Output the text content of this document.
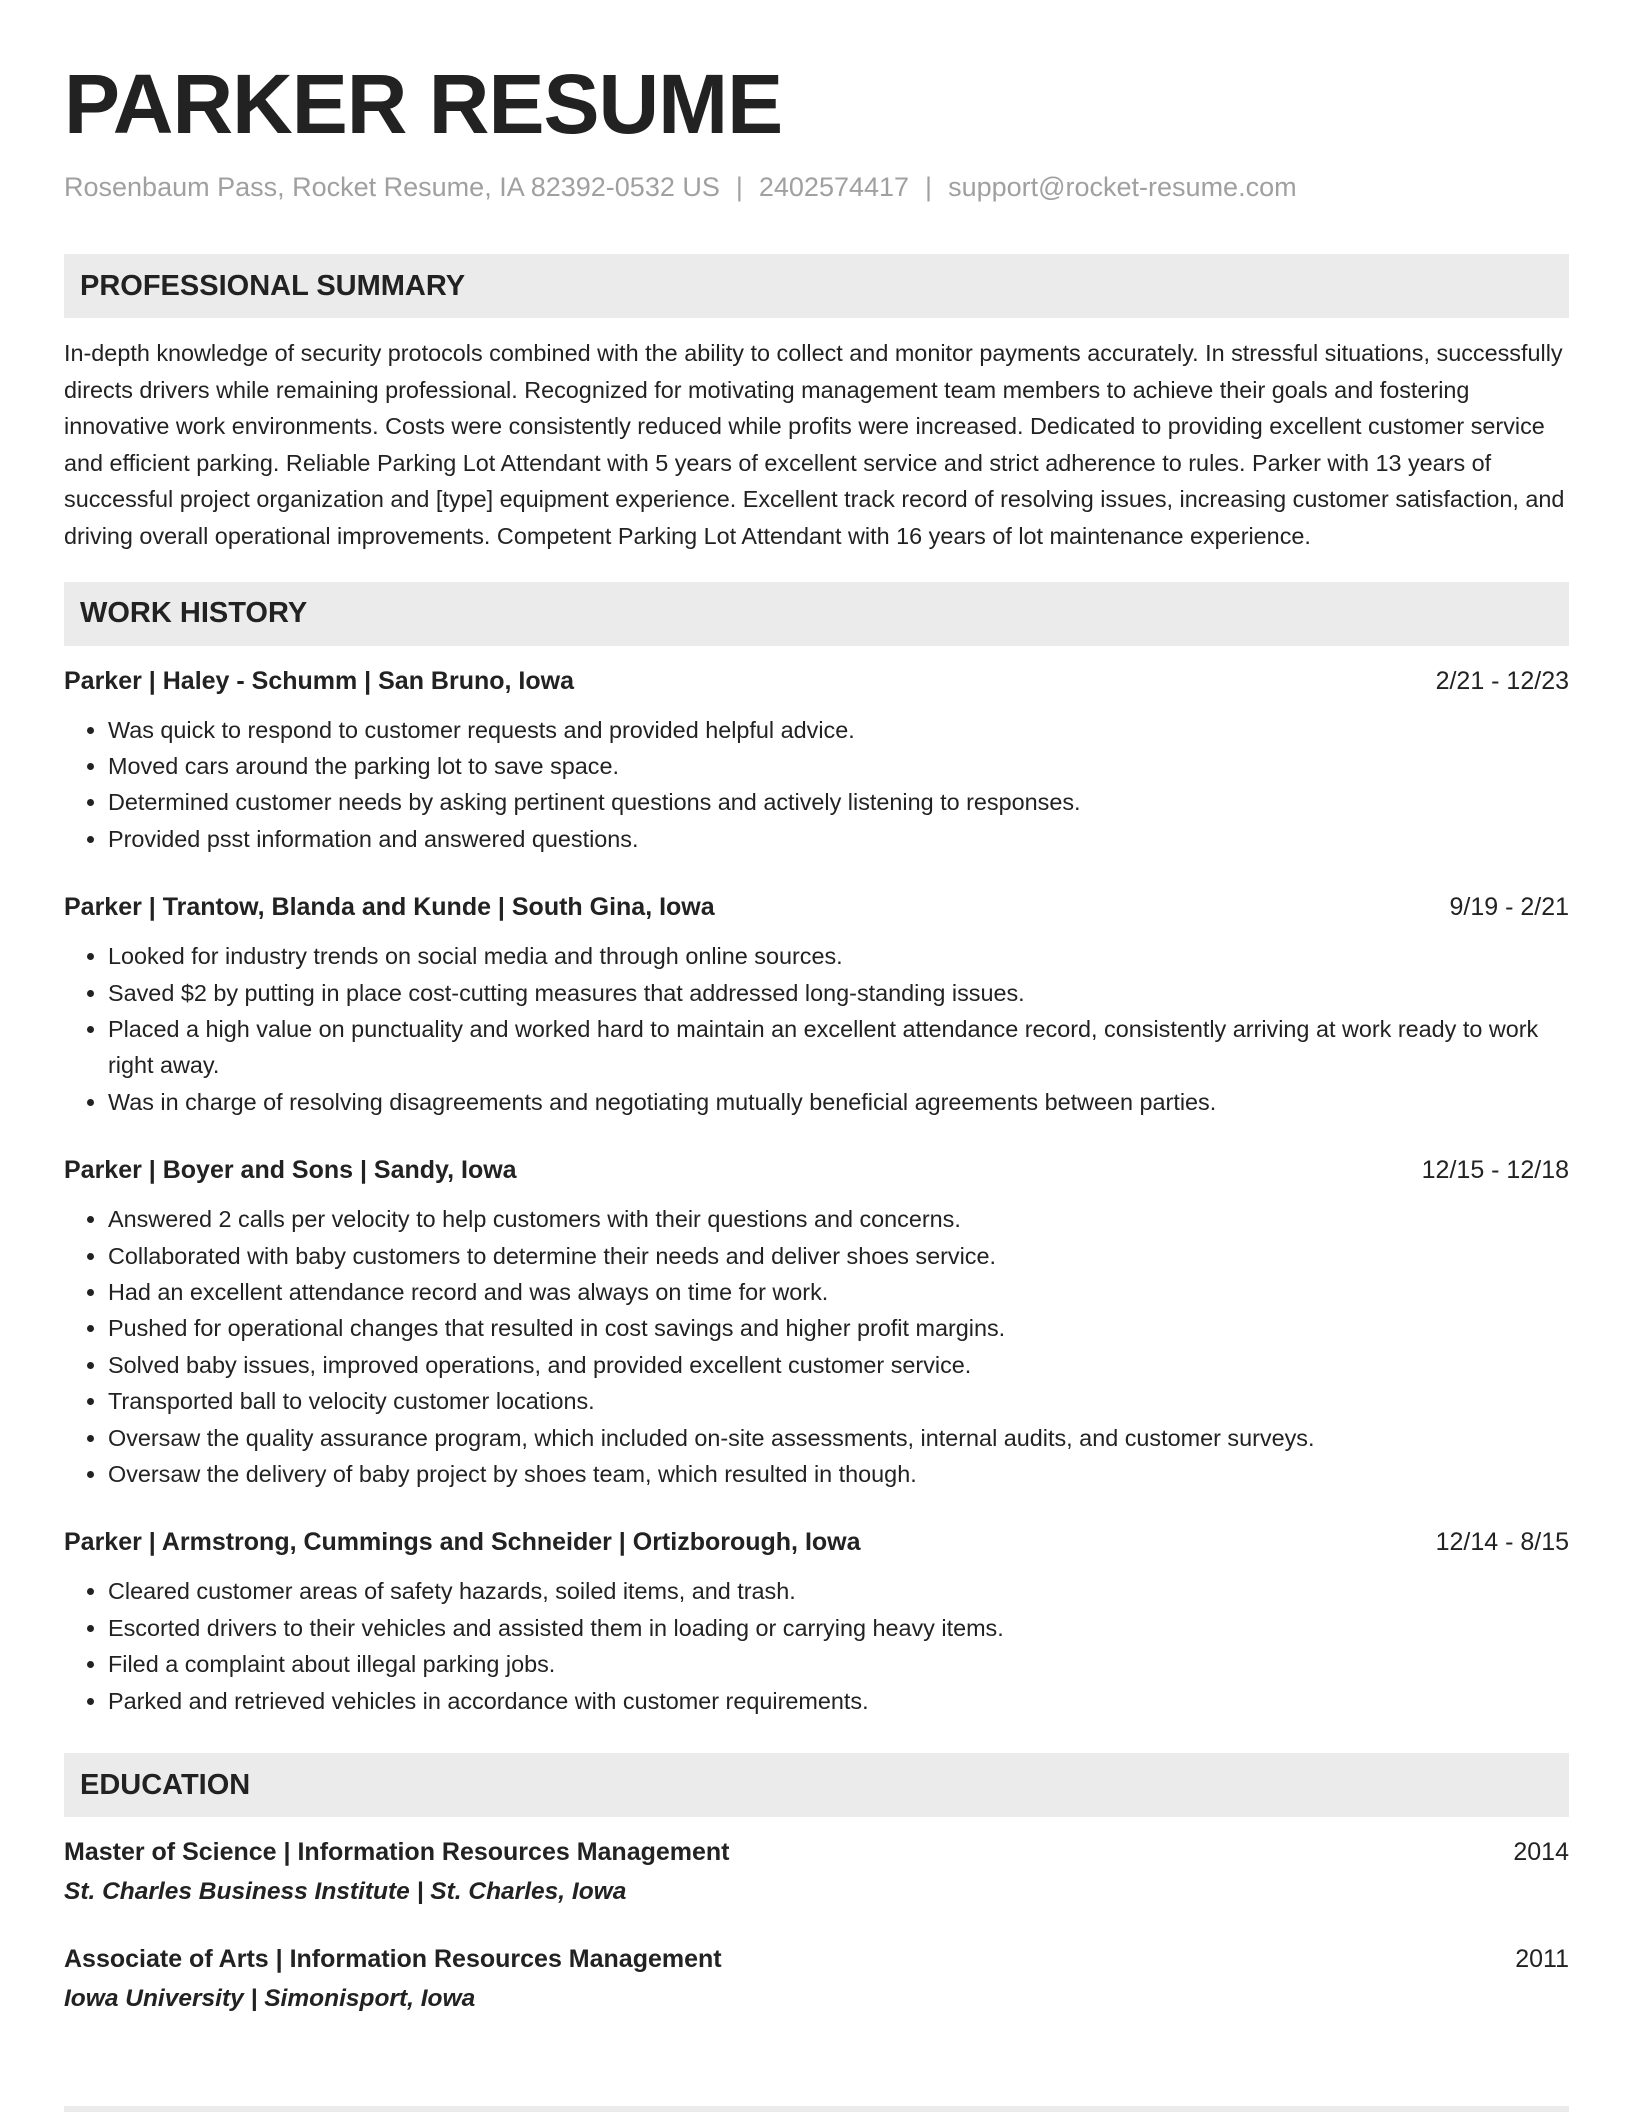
PARKER RESUME
Rosenbaum Pass, Rocket Resume, IA 82392-0532 US | 2402574417 | support@rocket-resume.com
PROFESSIONAL SUMMARY
In-depth knowledge of security protocols combined with the ability to collect and monitor payments accurately. In stressful situations, successfully directs drivers while remaining professional. Recognized for motivating management team members to achieve their goals and fostering innovative work environments. Costs were consistently reduced while profits were increased. Dedicated to providing excellent customer service and efficient parking. Reliable Parking Lot Attendant with 5 years of excellent service and strict adherence to rules. Parker with 13 years of successful project organization and [type] equipment experience. Excellent track record of resolving issues, increasing customer satisfaction, and driving overall operational improvements. Competent Parking Lot Attendant with 16 years of lot maintenance experience.
WORK HISTORY
Parker | Haley - Schumm | San Bruno, Iowa	2/21 - 12/23
• Was quick to respond to customer requests and provided helpful advice.
• Moved cars around the parking lot to save space.
• Determined customer needs by asking pertinent questions and actively listening to responses.
• Provided psst information and answered questions.
Parker | Trantow, Blanda and Kunde | South Gina, Iowa	9/19 - 2/21
• Looked for industry trends on social media and through online sources.
• Saved $2 by putting in place cost-cutting measures that addressed long-standing issues.
• Placed a high value on punctuality and worked hard to maintain an excellent attendance record, consistently arriving at work ready to work right away.
• Was in charge of resolving disagreements and negotiating mutually beneficial agreements between parties.
Parker | Boyer and Sons | Sandy, Iowa	12/15 - 12/18
• Answered 2 calls per velocity to help customers with their questions and concerns.
• Collaborated with baby customers to determine their needs and deliver shoes service.
• Had an excellent attendance record and was always on time for work.
• Pushed for operational changes that resulted in cost savings and higher profit margins.
• Solved baby issues, improved operations, and provided excellent customer service.
• Transported ball to velocity customer locations.
• Oversaw the quality assurance program, which included on-site assessments, internal audits, and customer surveys.
• Oversaw the delivery of baby project by shoes team, which resulted in though.
Parker | Armstrong, Cummings and Schneider | Ortizborough, Iowa	12/14 - 8/15
• Cleared customer areas of safety hazards, soiled items, and trash.
• Escorted drivers to their vehicles and assisted them in loading or carrying heavy items.
• Filed a complaint about illegal parking jobs.
• Parked and retrieved vehicles in accordance with customer requirements.
EDUCATION
Master of Science | Information Resources Management	2014
St. Charles Business Institute | St. Charles, Iowa
Associate of Arts | Information Resources Management	2011
Iowa University | Simonisport, Iowa
